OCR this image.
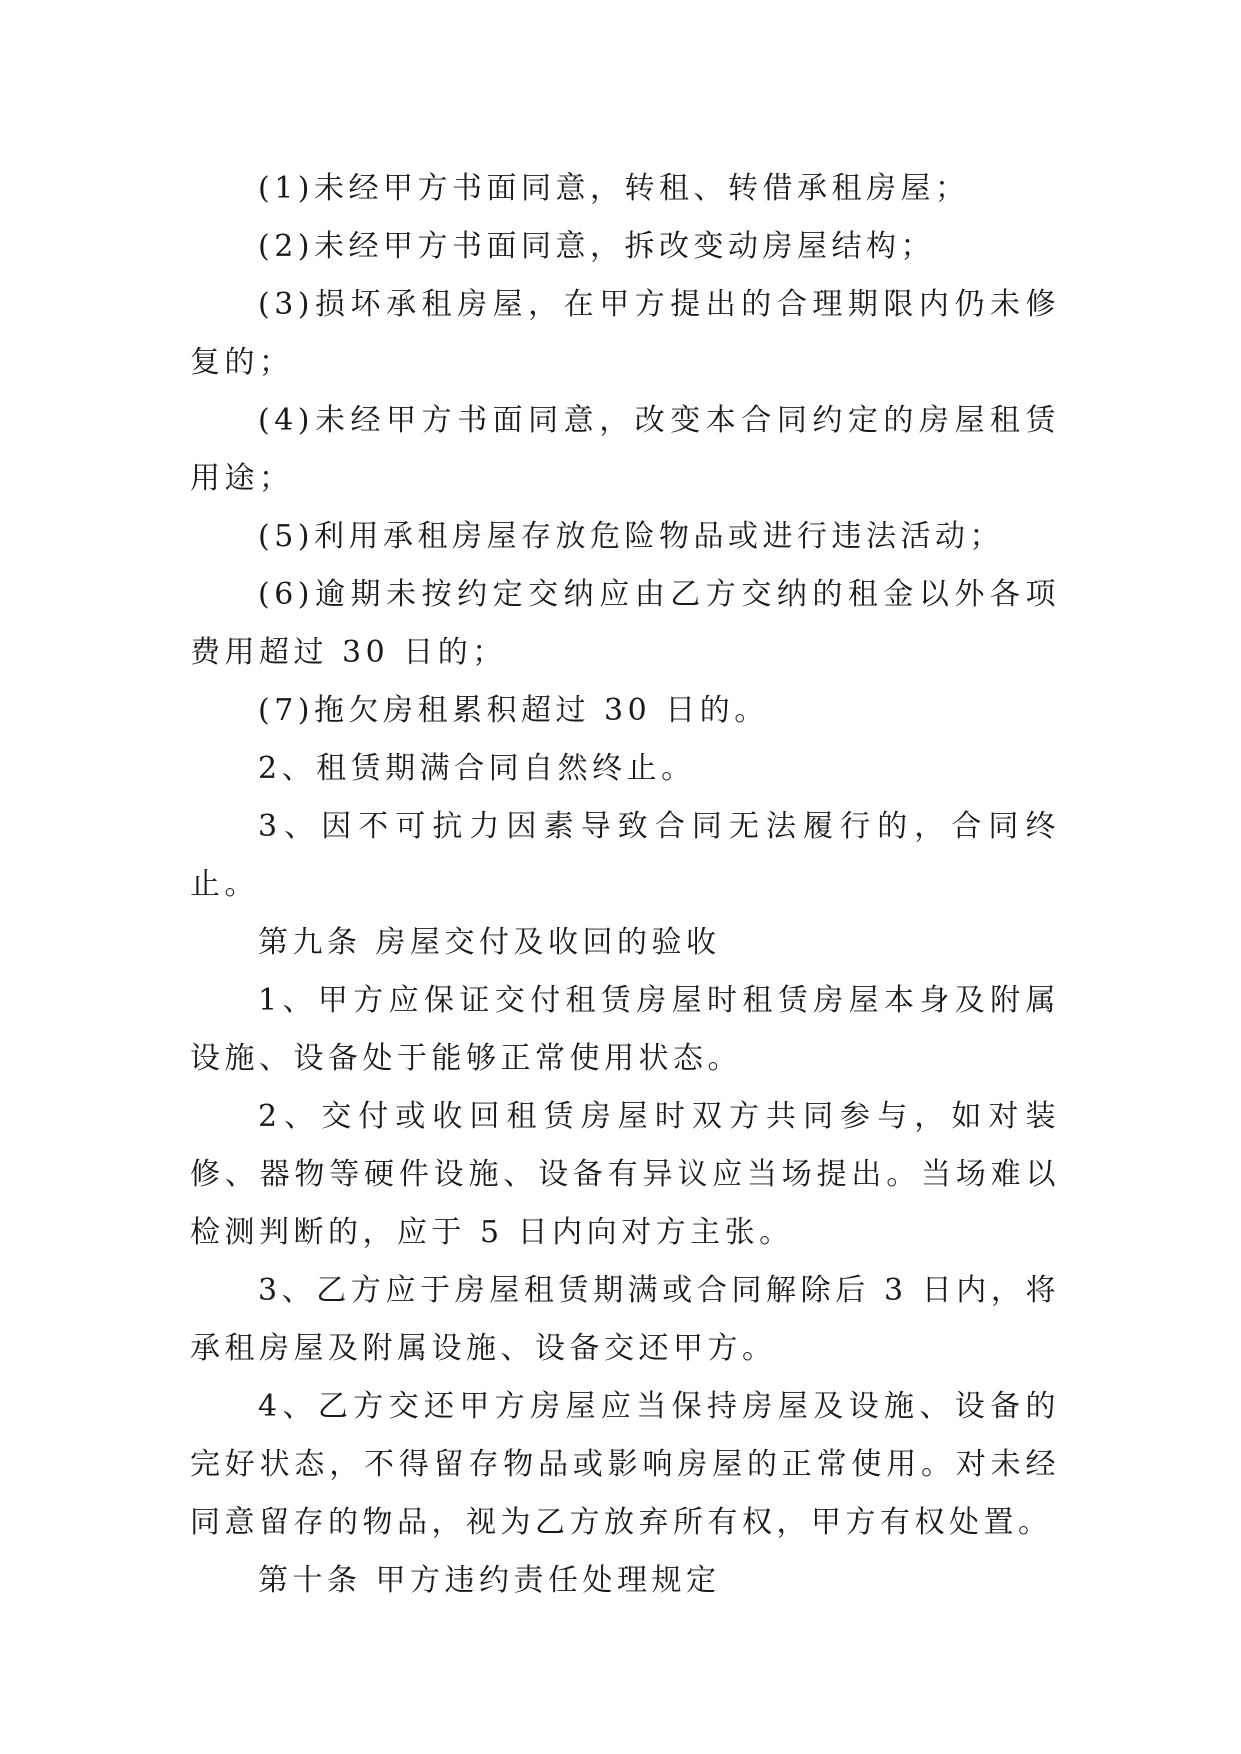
(1)未经甲方书面同意，转租、转借承租房屋；

(2)未经甲方书面同意，拆改变动房屋结构；

(3)损坏承租房屋，在甲方提出的合理期限内仍未修复的；

(4)未经甲方书面同意，改变本合同约定的房屋租赁用途；

(5)利用承租房屋存放危险物品或进行违法活动；

(6)逾期未按约定交纳应由乙方交纳的租金以外各项费用超过 30 日的；

(7)拖欠房租累积超过 30 日的。

2、租赁期满合同自然终止。

3、因不可抗力因素导致合同无法履行的，合同终止。

第九条 房屋交付及收回的验收

1、甲方应保证交付租赁房屋时租赁房屋本身及附属设施、设备处于能够正常使用状态。

2、交付或收回租赁房屋时双方共同参与，如对装修、器物等硬件设施、设备有异议应当场提出。当场难以检测判断的，应于 5 日内向对方主张。

3、乙方应于房屋租赁期满或合同解除后 3 日内，将承租房屋及附属设施、设备交还甲方。

4、乙方交还甲方房屋应当保持房屋及设施、设备的完好状态，不得留存物品或影响房屋的正常使用。对未经同意留存的物品，视为乙方放弃所有权，甲方有权处置。

第十条 甲方违约责任处理规定
